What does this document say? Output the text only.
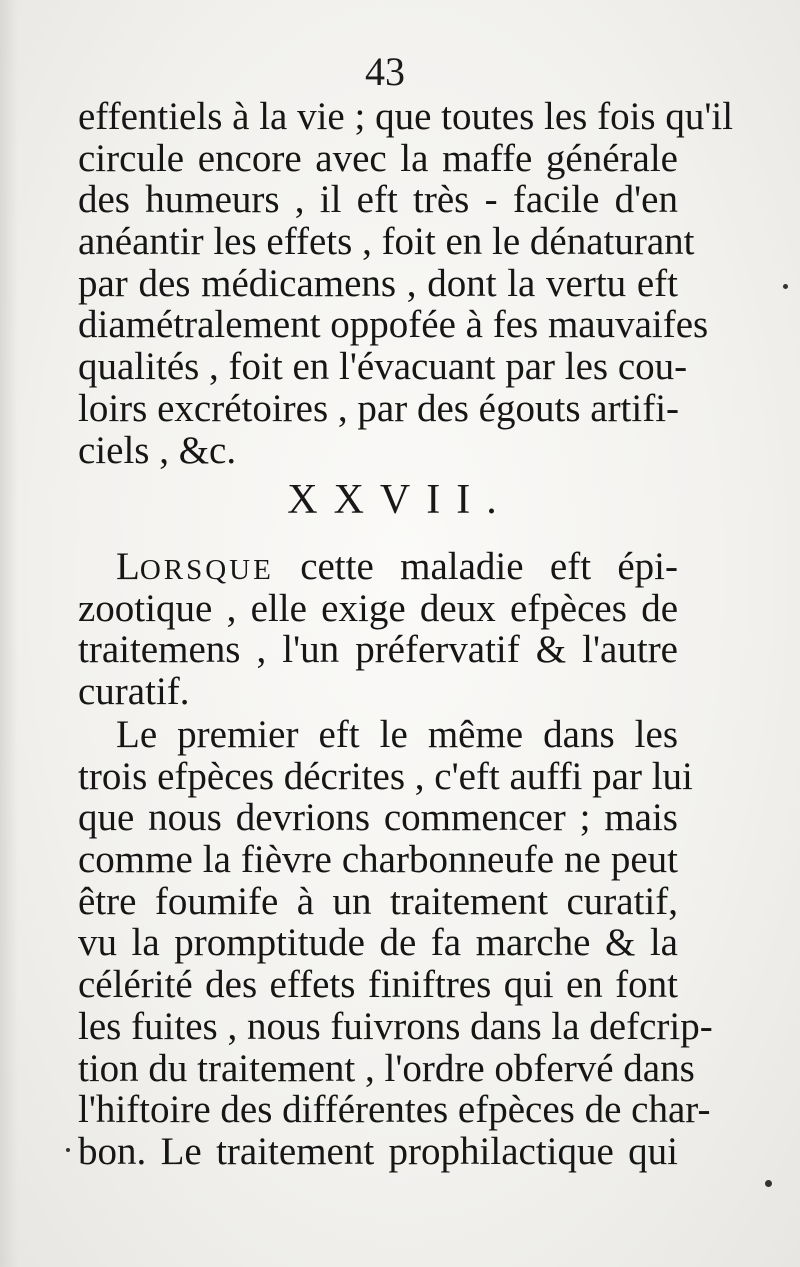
43
effentiels à la vie ; que toutes les fois qu'il
circule encore avec la maffe générale
des humeurs , il eft très - facile d'en
anéantir les effets , foit en le dénaturant
par des médicamens , dont la vertu eft
diamétralement oppofée à fes mauvaifes
qualités , foit en l'évacuant par les cou-
loirs excrétoires , par des égouts artifi-
ciels , &c.
XXVII.
LORSQUE cette maladie eft épi-
zootique , elle exige deux efpèces de
traitemens , l'un préfervatif & l'autre
curatif.
Le premier eft le même dans les
trois efpèces décrites , c'eft auffi par lui
que nous devrions commencer ; mais
comme la fièvre charbonneufe ne peut
être foumife à un traitement curatif,
vu la promptitude de fa marche & la
célérité des effets finiftres qui en font
les fuites , nous fuivrons dans la defcrip-
tion du traitement , l'ordre obfervé dans
l'hiftoire des différentes efpèces de char-
bon. Le traitement prophilactique qui
